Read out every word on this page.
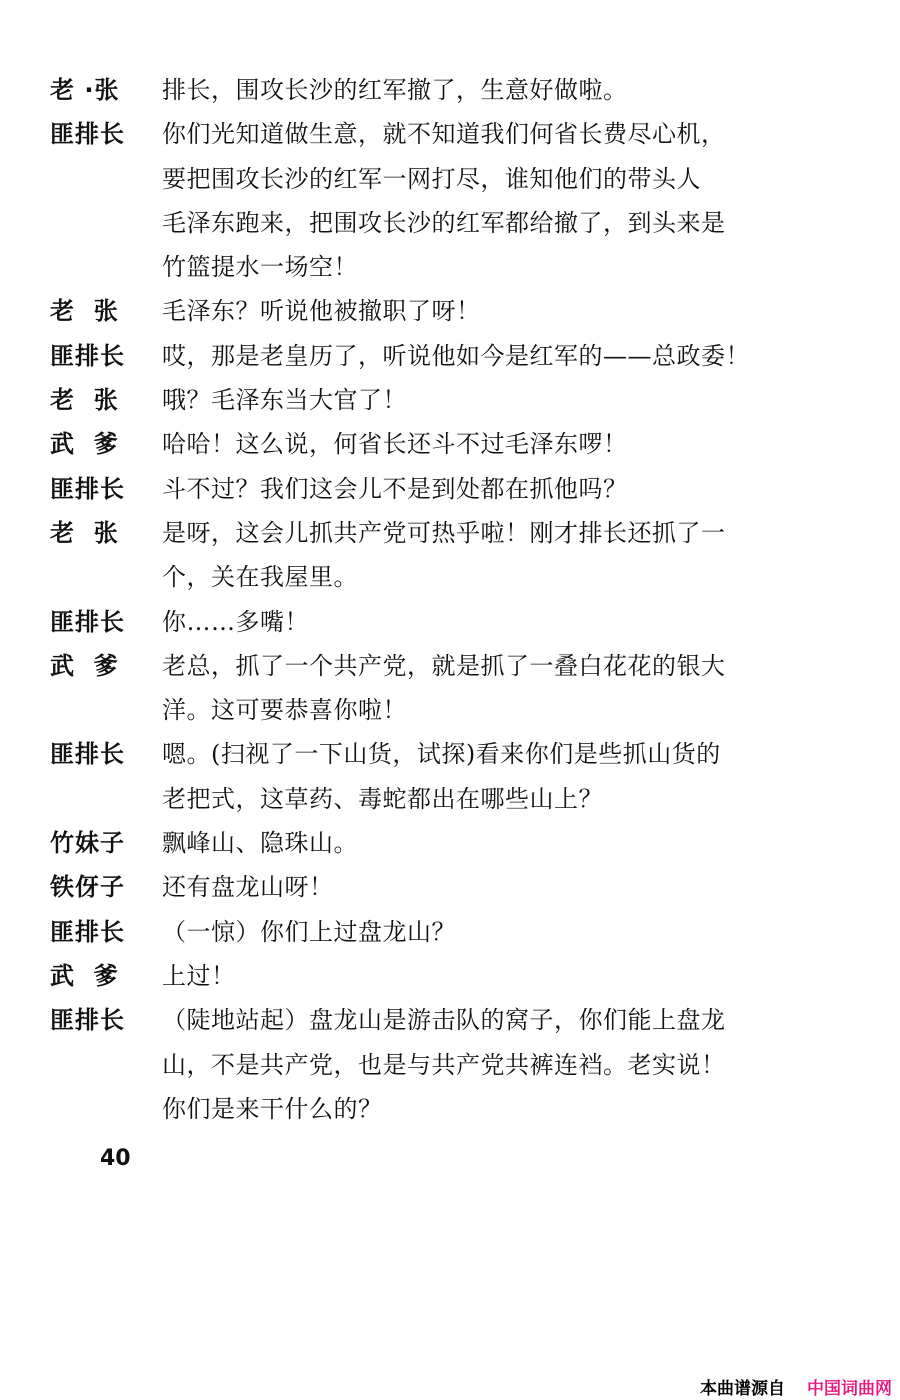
老 ·张	排长，围攻长沙的红军撤了，生意好做啦。
匪排长	你们光知道做生意，就不知道我们何省长费尽心机，
要把围攻长沙的红军一网打尽，谁知他们的带头人
毛泽东跑来，把围攻长沙的红军都给撤了，到头来是
竹篮提水一场空！
老  张	毛泽东？听说他被撤职了呀！
匪排长	哎，那是老皇历了，听说他如今是红军的——总政委！
老  张	哦？毛泽东当大官了！
武  爹	哈哈！这么说，何省长还斗不过毛泽东啰！
匪排长	斗不过？我们这会儿不是到处都在抓他吗？
老  张	是呀，这会儿抓共产党可热乎啦！刚才排长还抓了一
个，关在我屋里。
匪排长	你……多嘴！
武  爹	老总，抓了一个共产党，就是抓了一叠白花花的银大
洋。这可要恭喜你啦！
匪排长	嗯。(扫视了一下山货，试探)看来你们是些抓山货的
老把式，这草药、毒蛇都出在哪些山上？
竹妹子	飘峰山、隐珠山。
铁伢子	还有盘龙山呀！
匪排长	（一惊）你们上过盘龙山？
武  爹	上过！
匪排长	（陡地站起）盘龙山是游击队的窝子，你们能上盘龙
山，不是共产党，也是与共产党共裤连裆。老实说！
你们是来干什么的？
40
本曲谱源自 中国词曲网
